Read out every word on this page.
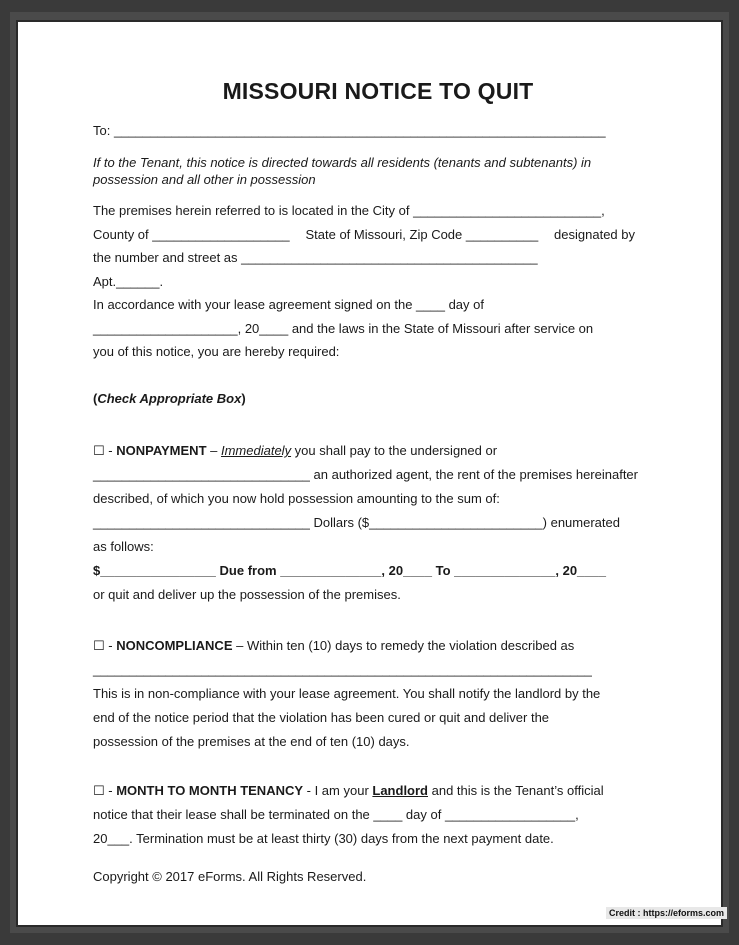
MISSOURI NOTICE TO QUIT
To: ____________________________________________________________________
If to the Tenant, this notice is directed towards all residents (tenants and subtenants) in
possession and all other in possession
The premises herein referred to is located in the City of __________________________,
County of ___________________ State of Missouri, Zip Code __________ designated by
the number and street as _________________________________________
Apt.______.
In accordance with your lease agreement signed on the ____ day of
____________________, 20____ and the laws in the State of Missouri after service on
you of this notice, you are hereby required:
(Check Appropriate Box)
☐ - NONPAYMENT – Immediately you shall pay to the undersigned or
______________________________ an authorized agent, the rent of the premises hereinafter
described, of which you now hold possession amounting to the sum of:
______________________________ Dollars ($________________________) enumerated
as follows:
$________________ Due from ______________, 20____ To ______________, 20____
or quit and deliver up the possession of the premises.
☐ - NONCOMPLIANCE – Within ten (10) days to remedy the violation described as
_____________________________________________________________________
This is in non-compliance with your lease agreement. You shall notify the landlord by the
end of the notice period that the violation has been cured or quit and deliver the
possession of the premises at the end of ten (10) days.
☐ - MONTH TO MONTH TENANCY - I am your Landlord and this is the Tenant’s official
notice that their lease shall be terminated on the ____ day of __________________,
20___. Termination must be at least thirty (30) days from the next payment date.
Copyright © 2017 eForms. All Rights Reserved.
Credit : https://eforms.com
